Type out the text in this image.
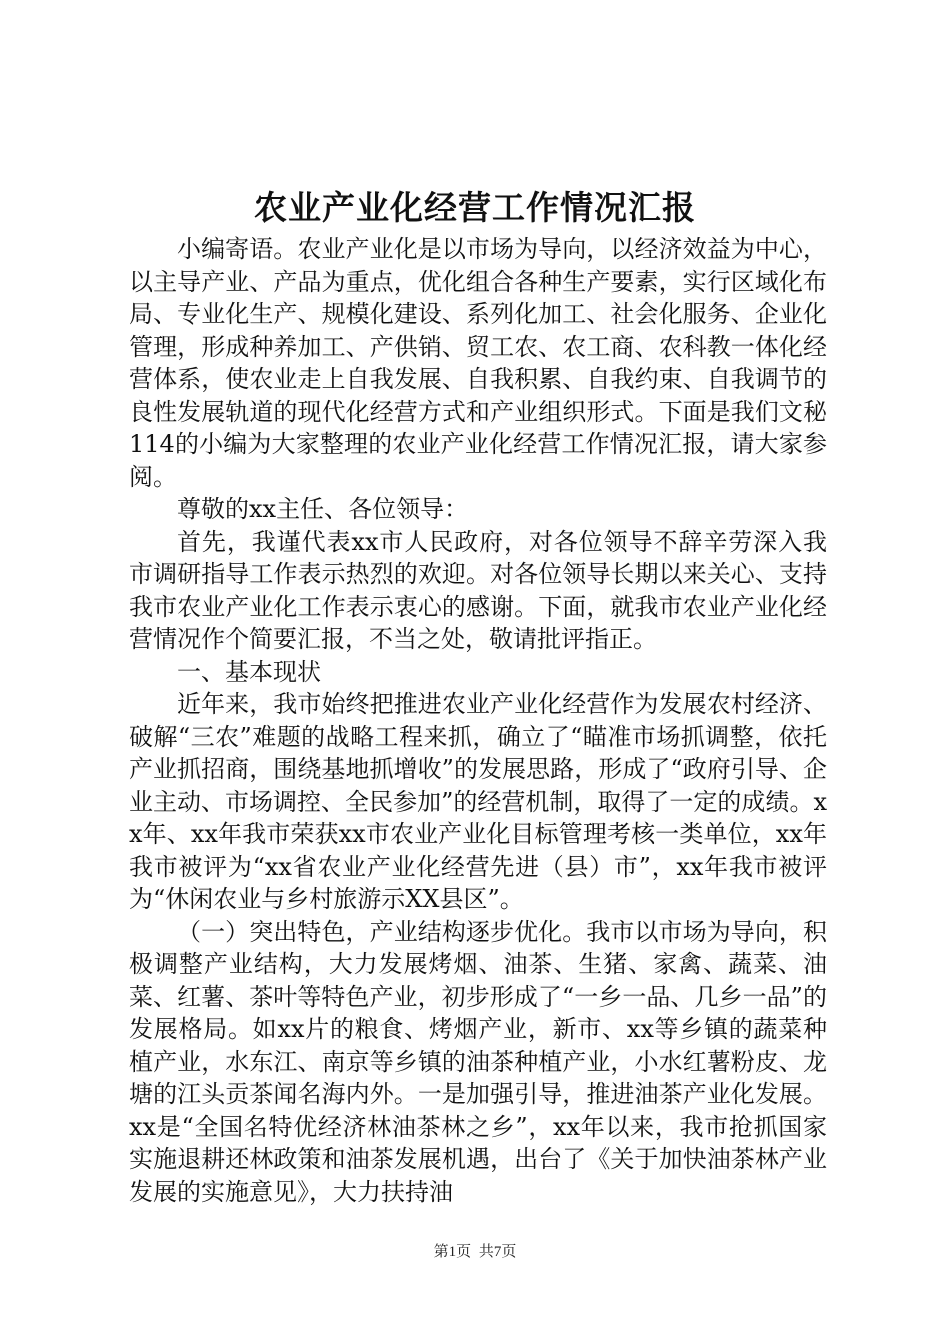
农业产业化经营工作情况汇报

小编寄语。农业产业化是以市场为导向，以经济效益为中心，以主导产业、产品为重点，优化组合各种生产要素，实行区域化布局、专业化生产、规模化建设、系列化加工、社会化服务、企业化管理，形成种养加工、产供销、贸工农、农工商、农科教一体化经营体系，使农业走上自我发展、自我积累、自我约束、自我调节的良性发展轨道的现代化经营方式和产业组织形式。下面是我们文秘114的小编为大家整理的农业产业化经营工作情况汇报，请大家参阅。

尊敬的xx主任、各位领导：

首先，我谨代表xx市人民政府，对各位领导不辞辛劳深入我市调研指导工作表示热烈的欢迎。对各位领导长期以来关心、支持我市农业产业化工作表示衷心的感谢。下面，就我市农业产业化经营情况作个简要汇报，不当之处，敬请批评指正。

一、基本现状

近年来，我市始终把推进农业产业化经营作为发展农村经济、破解“三农”难题的战略工程来抓，确立了“瞄准市场抓调整，依托产业抓招商，围绕基地抓增收”的发展思路，形成了“政府引导、企业主动、市场调控、全民参加”的经营机制，取得了一定的成绩。xx年、xx年我市荣获xx市农业产业化目标管理考核一类单位，xx年我市被评为“xx省农业产业化经营先进（县）市”，xx年我市被评为“休闲农业与乡村旅游示XX县区”。

（一）突出特色，产业结构逐步优化。我市以市场为导向，积极调整产业结构，大力发展烤烟、油茶、生猪、家禽、蔬菜、油菜、红薯、茶叶等特色产业，初步形成了“一乡一品、几乡一品”的发展格局。如xx片的粮食、烤烟产业，新市、xx等乡镇的蔬菜种植产业，水东江、南京等乡镇的油茶种植产业，小水红薯粉皮、龙塘的江头贡茶闻名海内外。一是加强引导，推进油茶产业化发展。xx是“全国名特优经济林油茶林之乡”，xx年以来，我市抢抓国家实施退耕还林政策和油茶发展机遇，出台了《关于加快油茶林产业发展的实施意见》，大力扶持油

第1页 共7页
